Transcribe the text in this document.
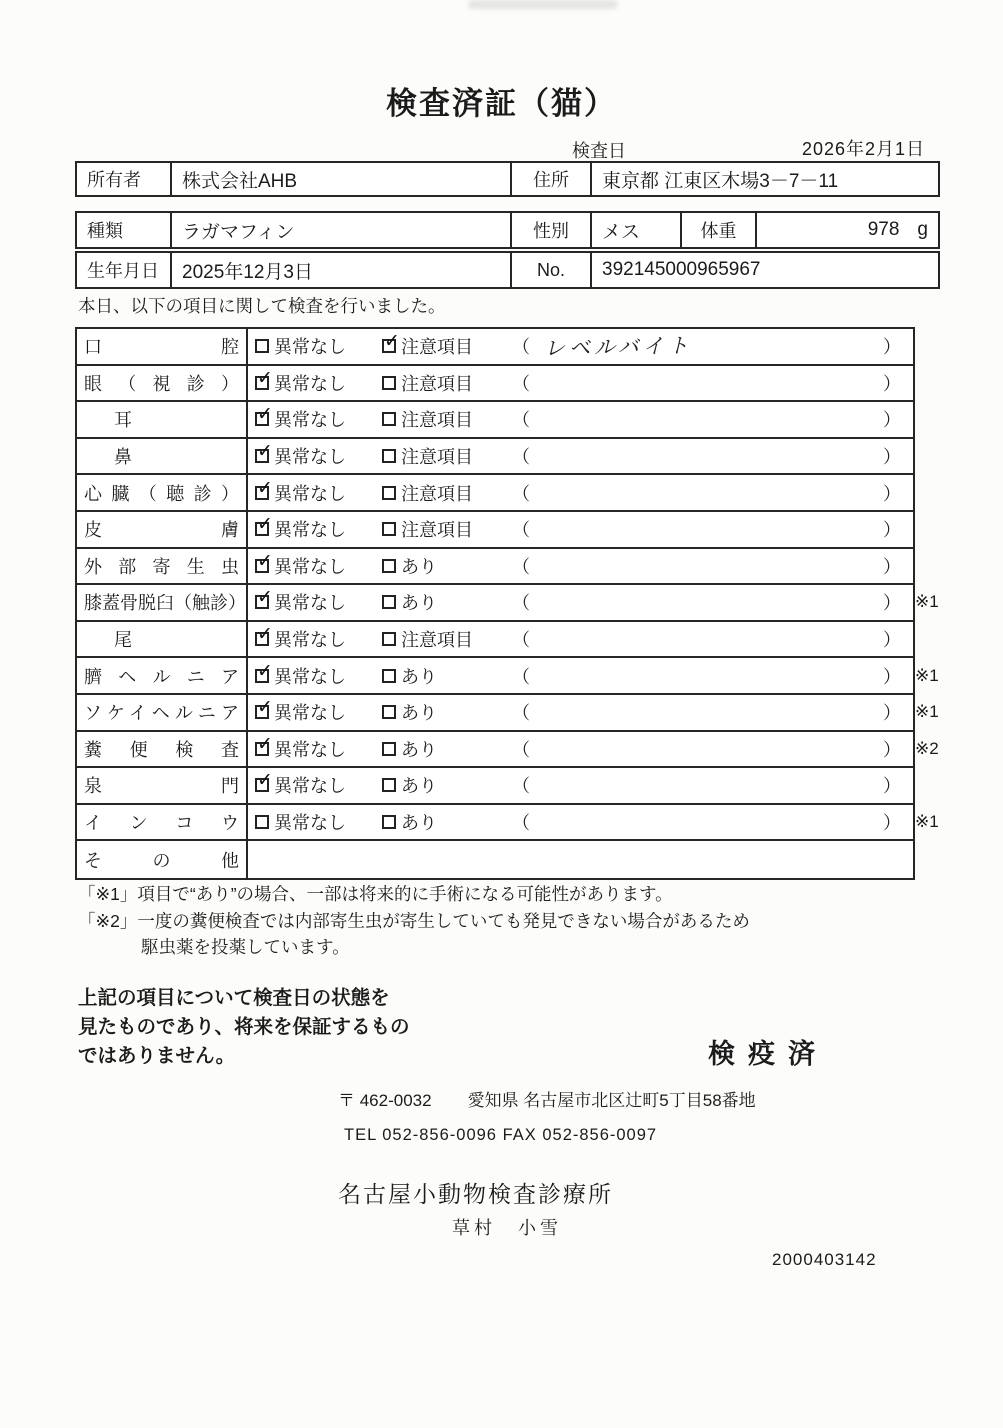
検査済証（猫）
検査日	2026年2月1日
所有者	株式会社AHB	住所	東京都 江東区木場3－7－11
種類	ラガマフィン	性別	メス	体重	978 g
生年月日	2025年12月3日	No.	392145000965967
本日、以下の項目に関して検査を行いました。
口腔 異常なし ✓ 注意項目 （ レベルバイト	）
眼（視診） ✓ 異常なし	注意項目 （	）
耳	✓ 異常なし	注意項目 （	）
鼻	✓ 異常なし	注意項目 （	）
心臓（聴診） ✓ 異常なし	注意項目 （	）
皮膚 ✓ 異常なし	注意項目 （	）
外部寄生虫 ✓ 異常なし	あり	（	）
膝蓋骨脱臼（触診） ✓ 異常なし	あり	（	） ※1
尾	✓ 異常なし	注意項目 （	）
臍ヘルニア ✓ 異常なし	あり	（	） ※1
ソケイヘルニア ✓ 異常なし	あり	（	） ※1
糞便検査 ✓ 異常なし	あり	（	） ※2
泉門 ✓ 異常なし	あり	（	）
インコウ 異常なし	あり	（	） ※1
その他
「※1」項目で“あり”の場合、一部は将来的に手術になる可能性があります。
「※2」一度の糞便検査では内部寄生虫が寄生していても発見できない場合があるため
駆虫薬を投薬しています。
上記の項目について検査日の状態を
見たものであり、将来を保証するもの
ではありません。	検疫済
〒 462-0032 愛知県 名古屋市北区辻町5丁目58番地
TEL 052-856-0096 FAX 052-856-0097
名古屋小動物検査診療所
草村　小雪
2000403142
